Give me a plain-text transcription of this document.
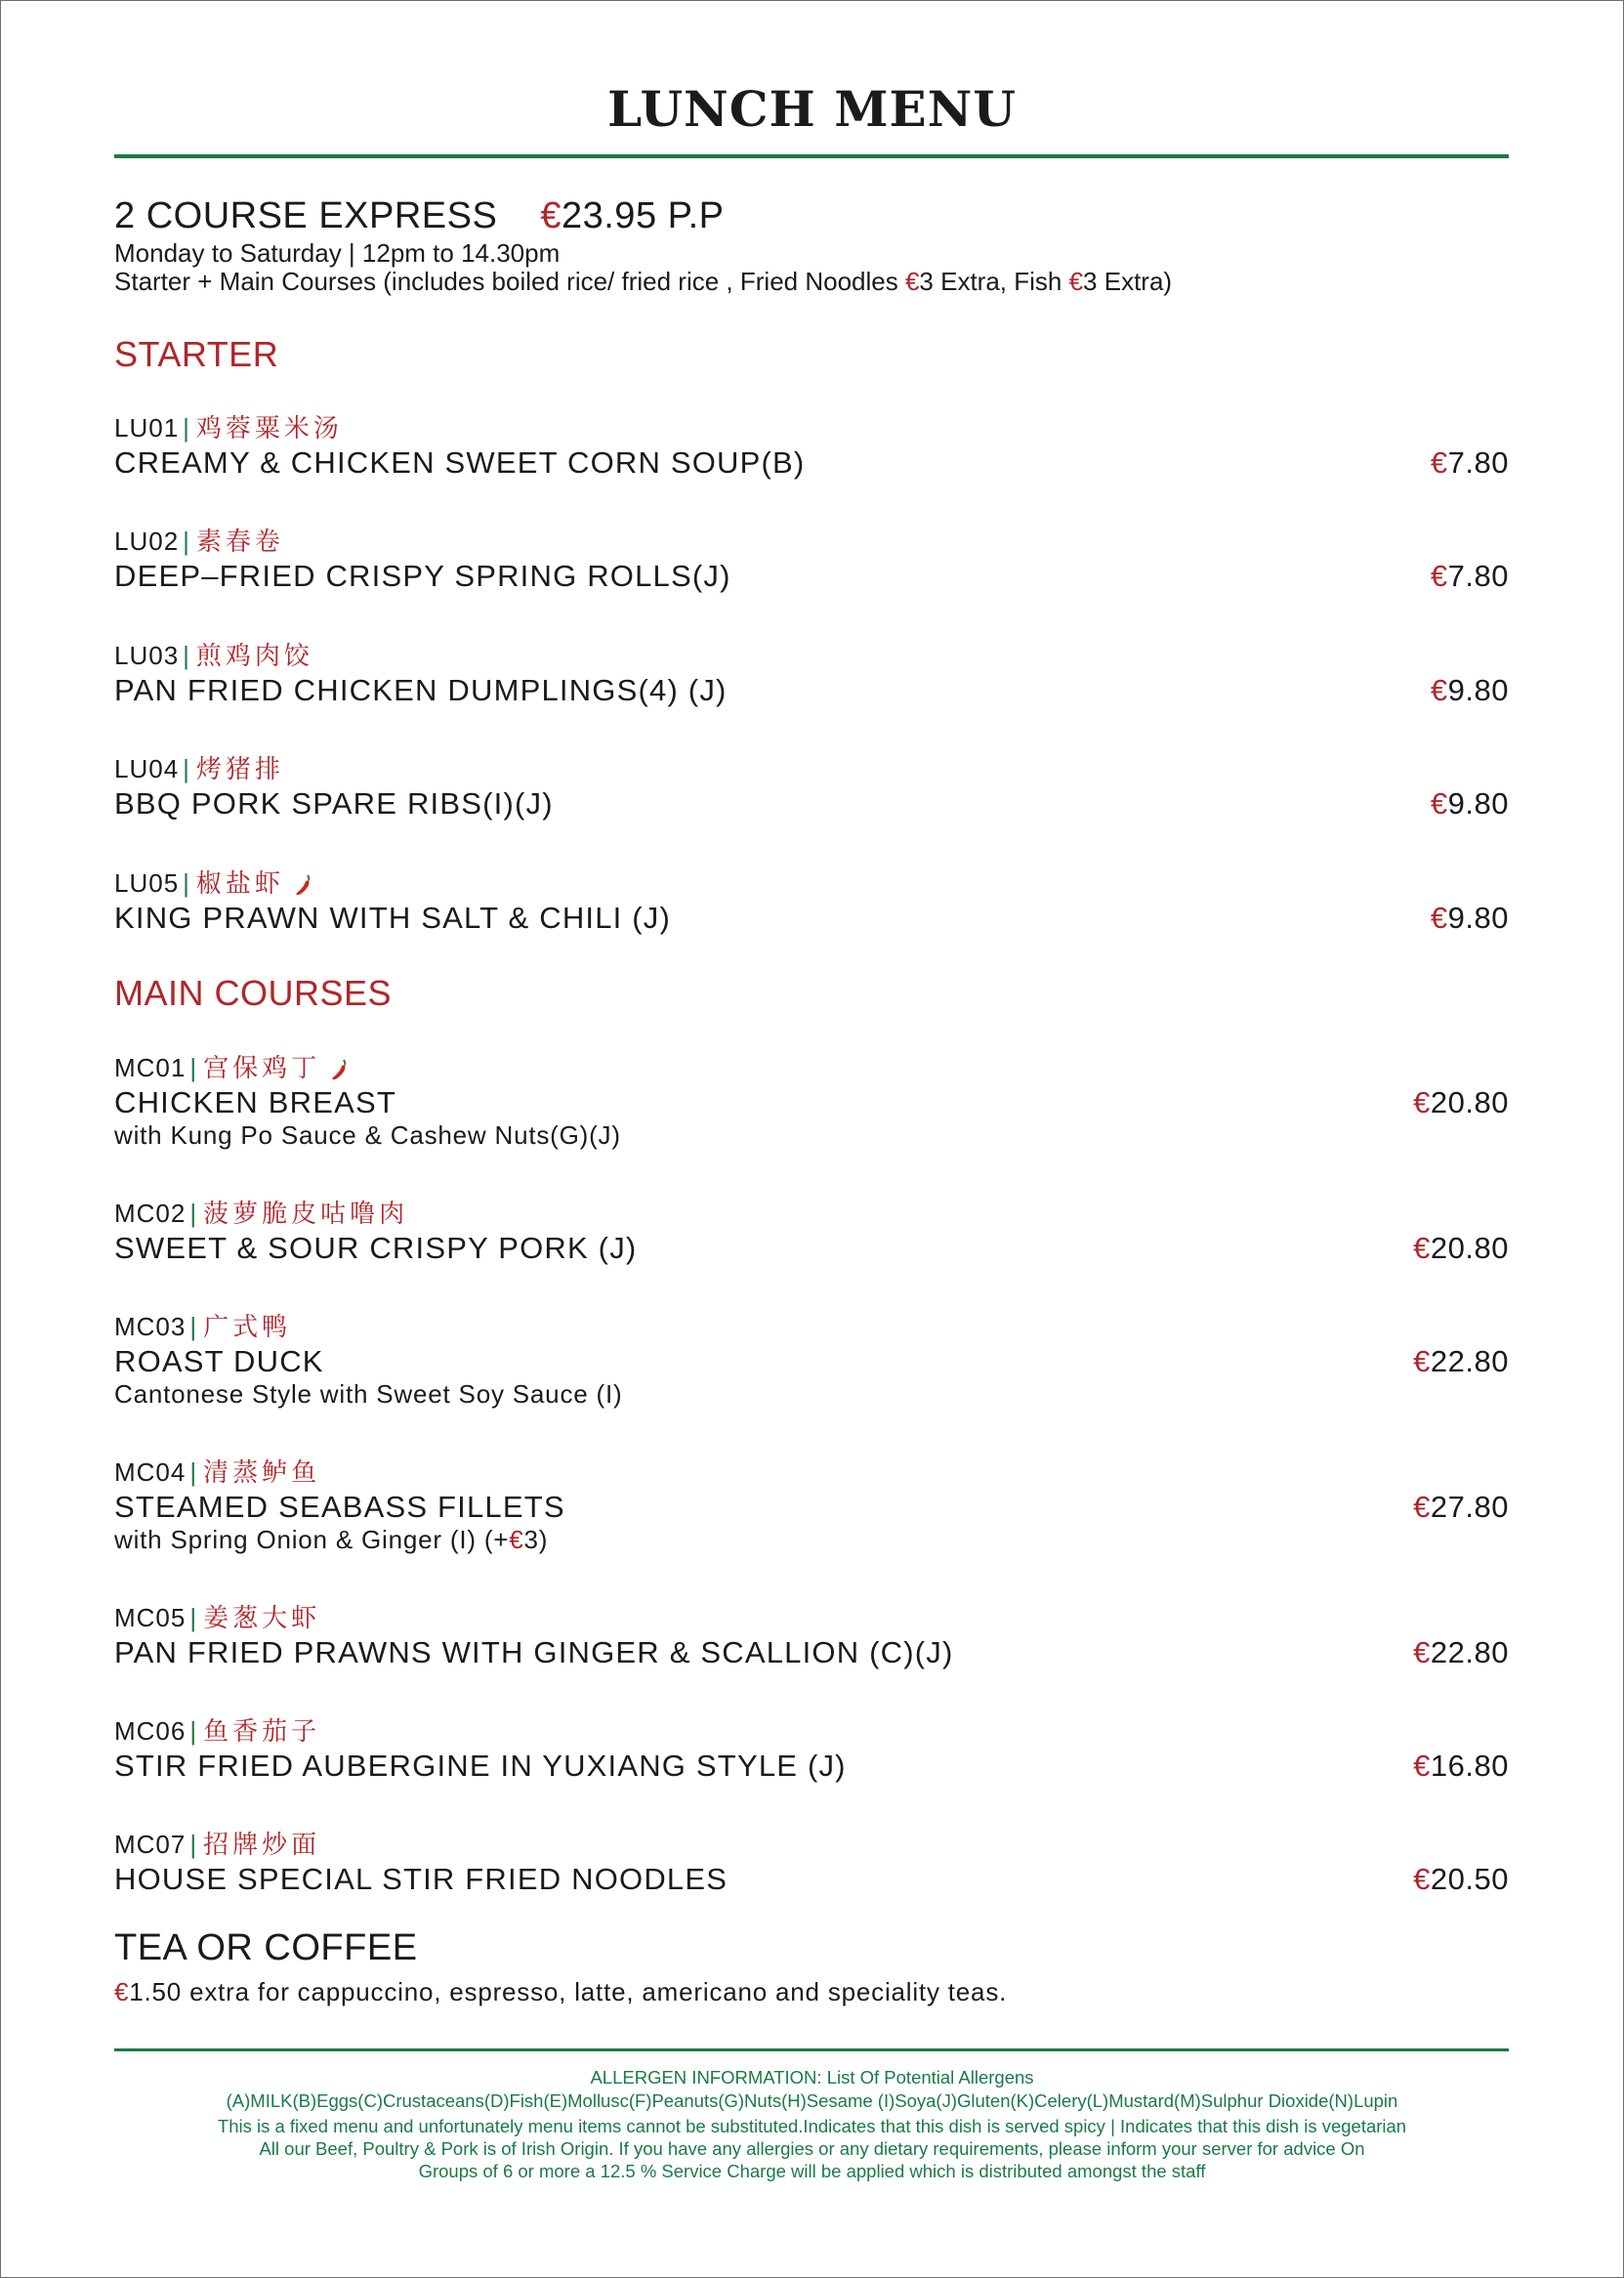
LUNCH MENU
2 COURSE EXPRESS €23.95 P.P
Monday to Saturday | 12pm to 14.30pm
Starter + Main Courses (includes boiled rice/ fried rice , Fried Noodles €3 Extra, Fish €3 Extra)
STARTER
LU01 | 鸡蓉粟米汤
CREAMY & CHICKEN SWEET CORN SOUP(B)	€7.80
LU02 | 素春卷
DEEP–FRIED CRISPY SPRING ROLLS(J)	€7.80
LU03 | 煎鸡肉饺
PAN FRIED CHICKEN DUMPLINGS(4) (J)	€9.80
LU04 | 烤猪排
BBQ PORK SPARE RIBS(I)(J)	€9.80
LU05 | 椒盐虾
KING PRAWN WITH SALT & CHILI (J)	€9.80
MAIN COURSES
MC01 | 宫保鸡丁
CHICKEN BREAST	€20.80
with Kung Po Sauce & Cashew Nuts(G)(J)
MC02 | 菠萝脆皮咕噜肉
SWEET & SOUR CRISPY PORK (J)	€20.80
MC03 | 广式鸭
ROAST DUCK	€22.80
Cantonese Style with Sweet Soy Sauce (I)
MC04 | 清蒸鲈鱼
STEAMED SEABASS FILLETS	€27.80
with Spring Onion & Ginger (I) (+€3)
MC05 | 姜葱大虾
PAN FRIED PRAWNS WITH GINGER & SCALLION (C)(J)	€22.80
MC06 | 鱼香茄子
STIR FRIED AUBERGINE IN YUXIANG STYLE (J)	€16.80
MC07 | 招牌炒面
HOUSE SPECIAL STIR FRIED NOODLES	€20.50
TEA OR COFFEE
€1.50 extra for cappuccino, espresso, latte, americano and speciality teas.
ALLERGEN INFORMATION: List Of Potential Allergens
(A)MILK(B)Eggs(C)Crustaceans(D)Fish(E)Mollusc(F)Peanuts(G)Nuts(H)Sesame (I)Soya(J)Gluten(K)Celery(L)Mustard(M)Sulphur Dioxide(N)Lupin
This is a fixed menu and unfortunately menu items cannot be substituted.Indicates that this dish is served spicy | Indicates that this dish is vegetarian
All our Beef, Poultry & Pork is of Irish Origin. If you have any allergies or any dietary requirements, please inform your server for advice On
Groups of 6 or more a 12.5 % Service Charge will be applied which is distributed amongst the staff
